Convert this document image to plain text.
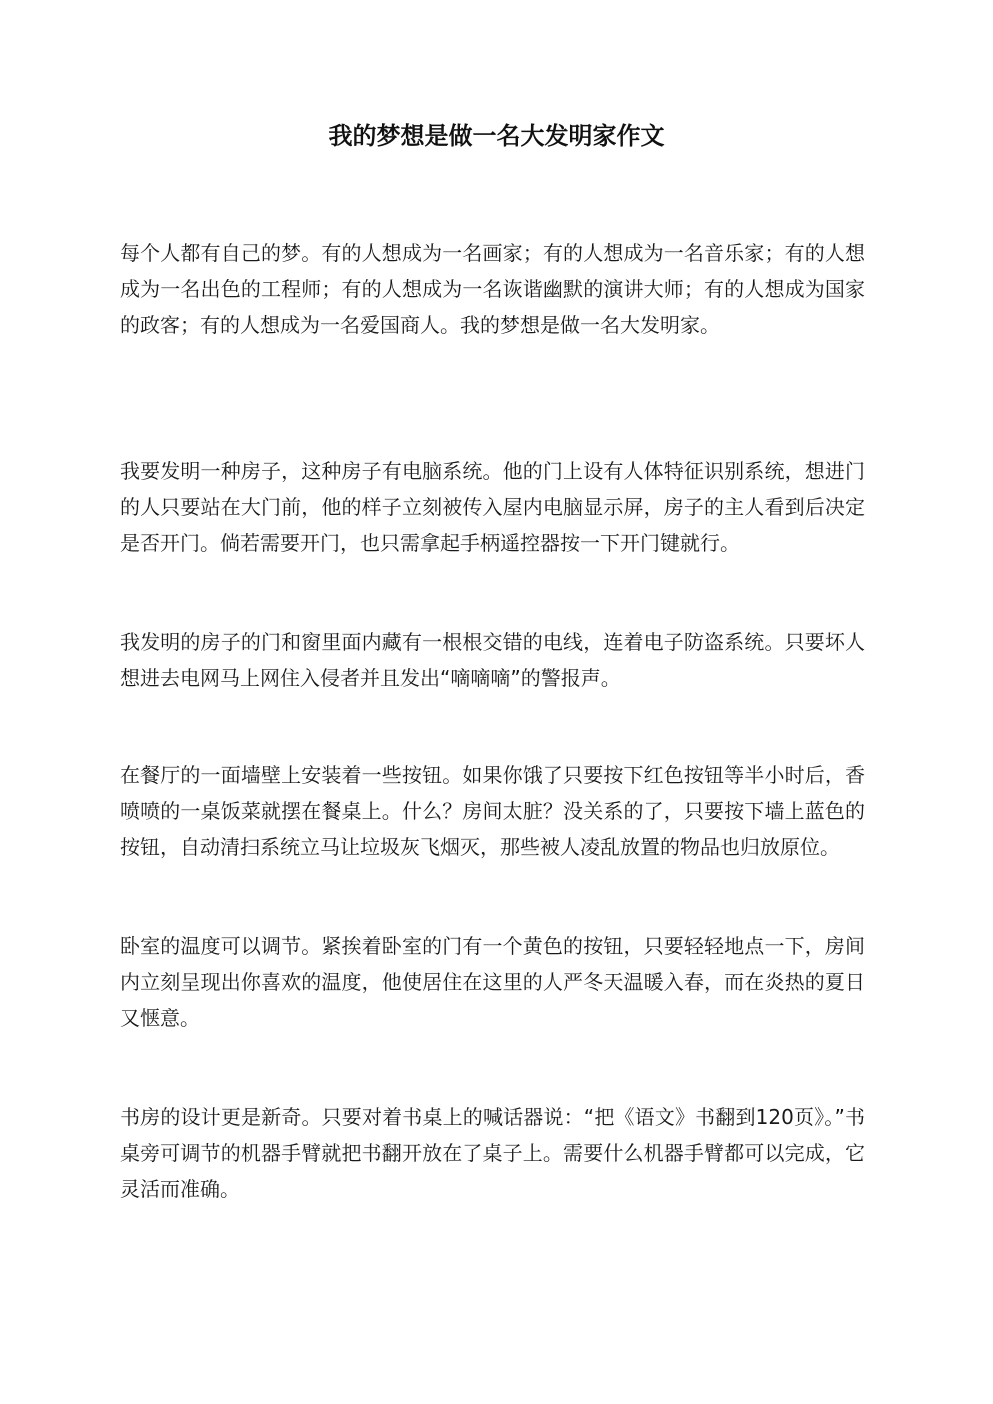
我的梦想是做一名大发明家作文

每个人都有自己的梦。有的人想成为一名画家；有的人想成为一名音乐家；有的人想成为一名出色的工程师；有的人想成为一名诙谐幽默的演讲大师；有的人想成为国家的政客；有的人想成为一名爱国商人。我的梦想是做一名大发明家。

我要发明一种房子，这种房子有电脑系统。他的门上设有人体特征识别系统，想进门的人只要站在大门前，他的样子立刻被传入屋内电脑显示屏，房子的主人看到后决定是否开门。倘若需要开门，也只需拿起手柄遥控器按一下开门键就行。

我发明的房子的门和窗里面内藏有一根根交错的电线，连着电子防盗系统。只要坏人想进去电网马上网住入侵者并且发出“嘀嘀嘀”的警报声。

在餐厅的一面墙壁上安装着一些按钮。如果你饿了只要按下红色按钮等半小时后，香喷喷的一桌饭菜就摆在餐桌上。什么？房间太脏？没关系的了，只要按下墙上蓝色的按钮，自动清扫系统立马让垃圾灰飞烟灭，那些被人凌乱放置的物品也归放原位。

卧室的温度可以调节。紧挨着卧室的门有一个黄色的按钮，只要轻轻地点一下，房间内立刻呈现出你喜欢的温度，他使居住在这里的人严冬天温暖入春，而在炎热的夏日又惬意。

书房的设计更是新奇。只要对着书桌上的喊话器说：“把《语文》书翻到120页》。”书桌旁可调节的机器手臂就把书翻开放在了桌子上。需要什么机器手臂都可以完成，它灵活而准确。
